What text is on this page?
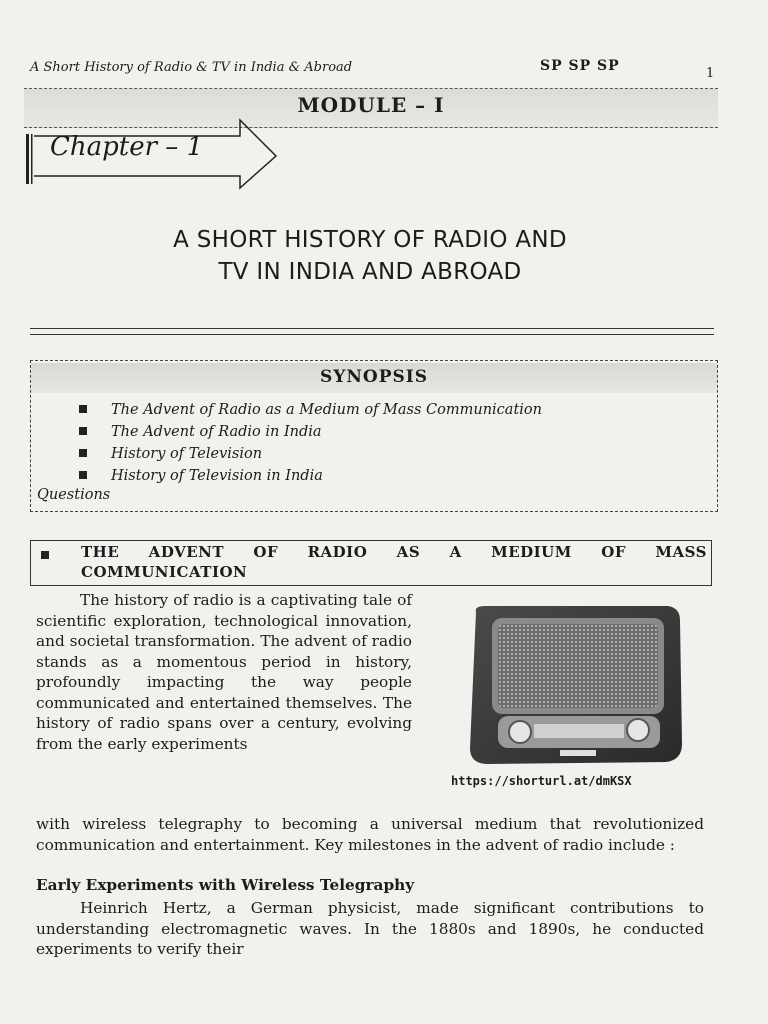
A Short History of Radio & TV in India & Abroad	SP SP SP	1
MODULE – I
Chapter – 1
A SHORT HISTORY OF RADIO AND
TV IN INDIA AND ABROAD
SYNOPSIS
The Advent of Radio as a Medium of Mass Communication
The Advent of Radio in India
History of Television
History of Television in India
Questions
THE ADVENT OF RADIO AS A MEDIUM OF MASS
COMMUNICATION
The history of radio is a captivating tale of scientific exploration, technological innovation, and societal transformation. The advent of radio stands as a momentous period in history, profoundly impacting the way people communicated and entertained themselves. The history of radio spans over a century, evolving from the early experiments
https://shorturl.at/dmKSX
with wireless telegraphy to becoming a universal medium that revolutionized communication and entertainment. Key milestones in the advent of radio include :
Early Experiments with Wireless Telegraphy
Heinrich Hertz, a German physicist, made significant contributions to understanding electromagnetic waves. In the 1880s and 1890s, he conducted experiments to verify their
